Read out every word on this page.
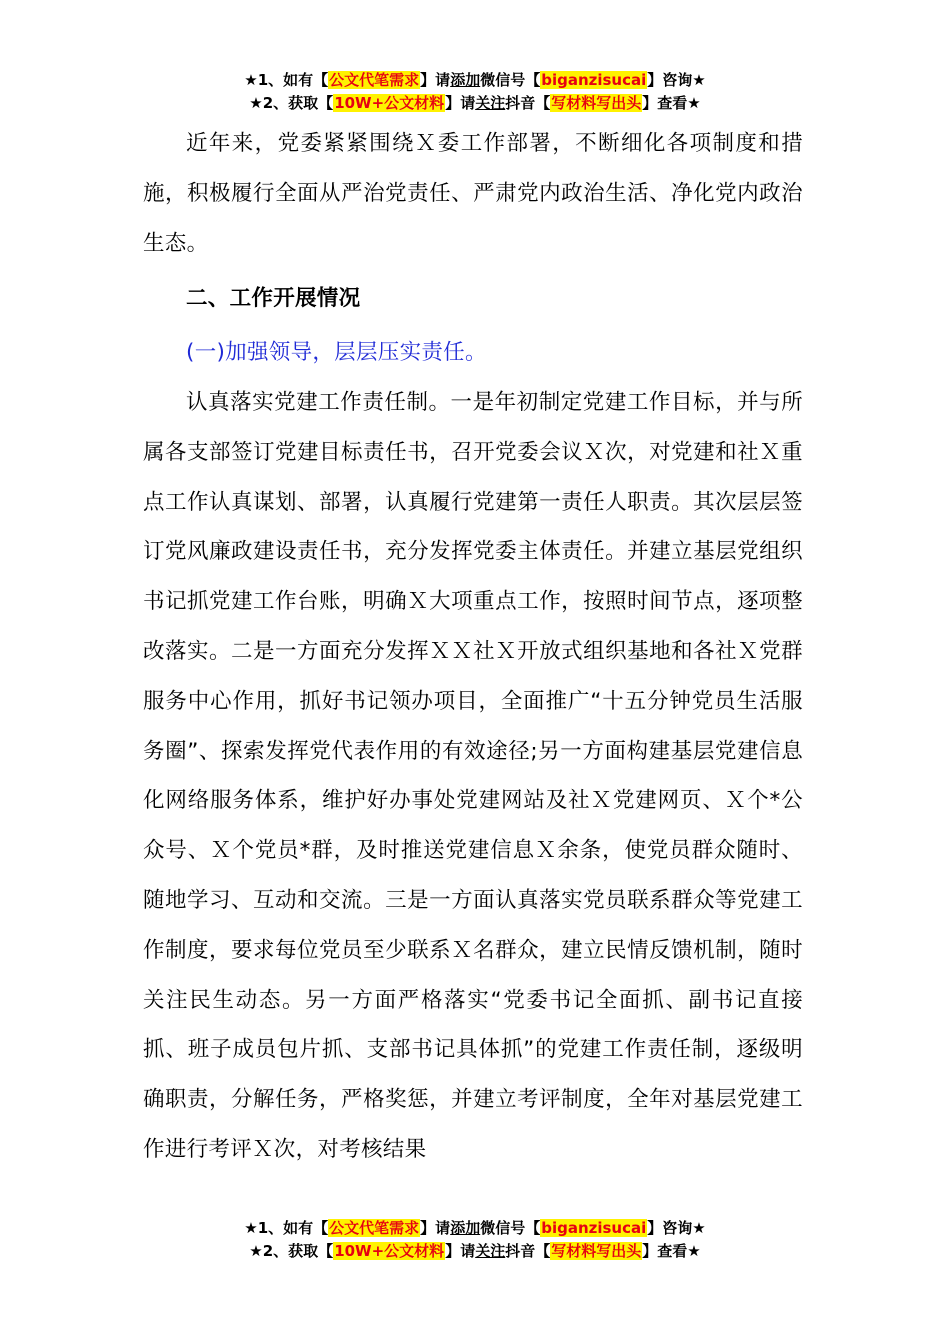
★1、如有【公文代笔需求】请添加微信号【biganzisucai】咨询★
★2、获取【10W+公文材料】请关注抖音【写材料写出头】查看★

近年来，党委紧紧围绕Ｘ委工作部署，不断细化各项制度和措施，积极履行全面从严治党责任、严肃党内政治生活、净化党内政治生态。

二、工作开展情况

(一)加强领导，层层压实责任。

认真落实党建工作责任制。一是年初制定党建工作目标，并与所属各支部签订党建目标责任书，召开党委会议Ｘ次，对党建和社Ｘ重点工作认真谋划、部署，认真履行党建第一责任人职责。其次层层签订党风廉政建设责任书，充分发挥党委主体责任。并建立基层党组织书记抓党建工作台账，明确Ｘ大项重点工作，按照时间节点，逐项整改落实。二是一方面充分发挥ＸＸ社Ｘ开放式组织基地和各社Ｘ党群服务中心作用，抓好书记领办项目，全面推广“十五分钟党员生活服务圈”、探索发挥党代表作用的有效途径;另一方面构建基层党建信息化网络服务体系，维护好办事处党建网站及社Ｘ党建网页、Ｘ个*公众号、Ｘ个党员*群，及时推送党建信息Ｘ余条，使党员群众随时、随地学习、互动和交流。三是一方面认真落实党员联系群众等党建工作制度，要求每位党员至少联系Ｘ名群众，建立民情反馈机制，随时关注民生动态。另一方面严格落实“党委书记全面抓、副书记直接抓、班子成员包片抓、支部书记具体抓”的党建工作责任制，逐级明确职责，分解任务，严格奖惩，并建立考评制度，全年对基层党建工作进行考评Ｘ次，对考核结果

★1、如有【公文代笔需求】请添加微信号【biganzisucai】咨询★
★2、获取【10W+公文材料】请关注抖音【写材料写出头】查看★
